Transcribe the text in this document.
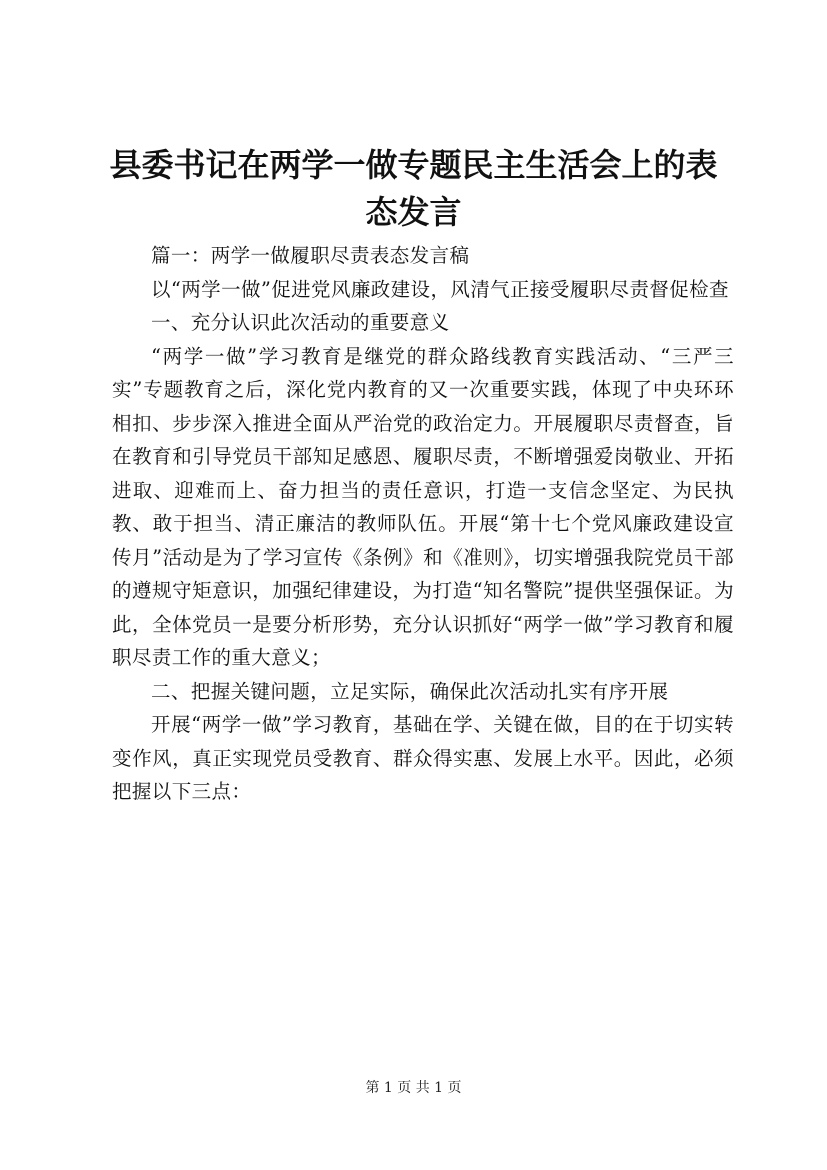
县委书记在两学一做专题民主生活会上的表态发言

篇一：两学一做履职尽责表态发言稿

以“两学一做”促进党风廉政建设，风清气正接受履职尽责督促检查

一、充分认识此次活动的重要意义

“两学一做”学习教育是继党的群众路线教育实践活动、“三严三实”专题教育之后，深化党内教育的又一次重要实践，体现了中央环环相扣、步步深入推进全面从严治党的政治定力。开展履职尽责督查，旨在教育和引导党员干部知足感恩、履职尽责，不断增强爱岗敬业、开拓进取、迎难而上、奋力担当的责任意识，打造一支信念坚定、为民执教、敢于担当、清正廉洁的教师队伍。开展“第十七个党风廉政建设宣传月”活动是为了学习宣传《条例》和《准则》，切实增强我院党员干部的遵规守矩意识，加强纪律建设，为打造“知名警院”提供坚强保证。为此，全体党员一是要分析形势，充分认识抓好“两学一做”学习教育和履职尽责工作的重大意义；

二、把握关键问题，立足实际，确保此次活动扎实有序开展

开展“两学一做”学习教育，基础在学、关键在做，目的在于切实转变作风，真正实现党员受教育、群众得实惠、发展上水平。因此，必须把握以下三点：

第 1 页 共 1 页
